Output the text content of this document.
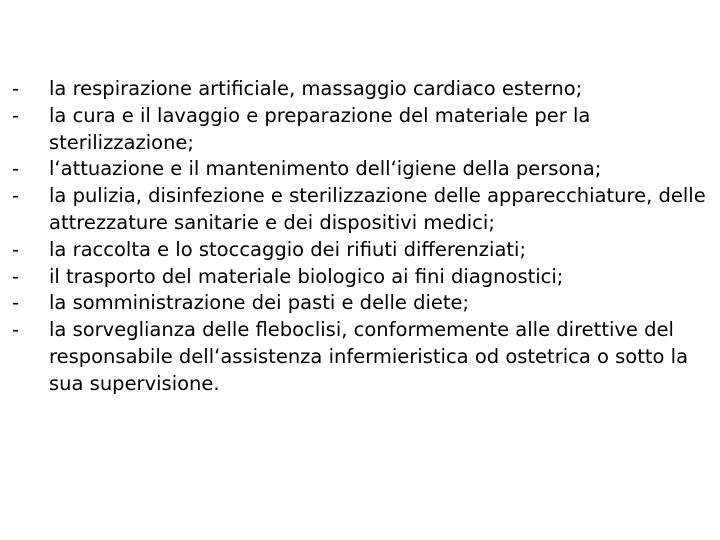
-	la respirazione artificiale, massaggio cardiaco esterno;
-	la cura e il lavaggio e preparazione del materiale per la sterilizzazione;
-	l‘attuazione e il mantenimento dell‘igiene della persona;
-	la pulizia, disinfezione e sterilizzazione delle apparecchiature, delle attrezzature sanitarie e dei dispositivi medici;
-	la raccolta e lo stoccaggio dei rifiuti differenziati;
-	il trasporto del materiale biologico ai fini diagnostici;
-	la somministrazione dei pasti e delle diete;
-	la sorveglianza delle fleboclisi, conformemente alle direttive del responsabile dell‘assistenza infermieristica od ostetrica o sotto la sua supervisione.
